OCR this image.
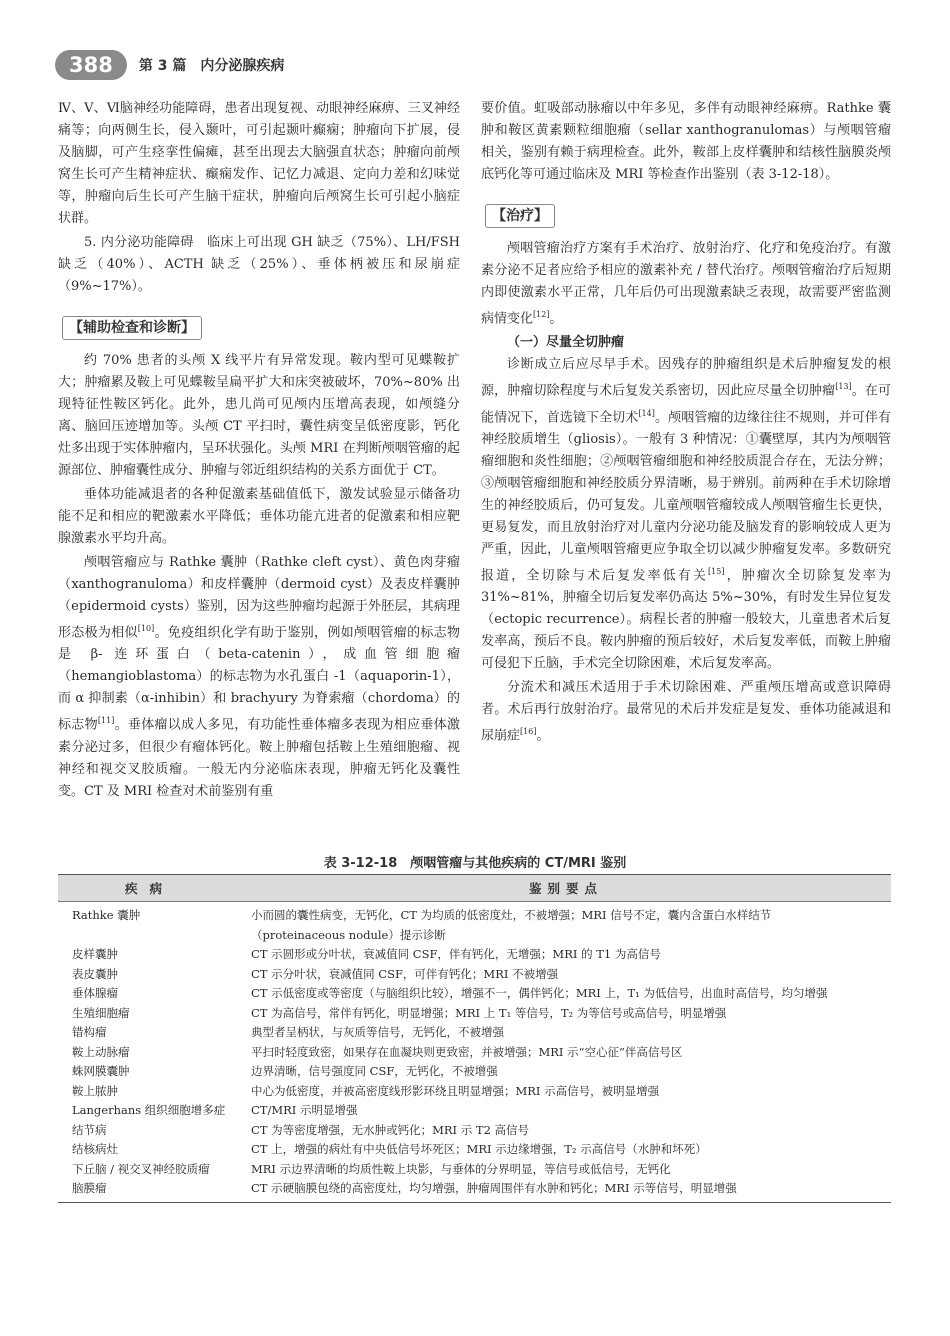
388	第 3 篇　内分泌腺疾病

Ⅳ、Ⅴ、Ⅵ脑神经功能障碍，患者出现复视、动眼神经麻痹、三叉神经痛等；向两侧生长，侵入颞叶，可引起颞叶癫痫；肿瘤向下扩展，侵及脑脚，可产生痉挛性偏瘫，甚至出现去大脑强直状态；肿瘤向前颅窝生长可产生精神症状、癫痫发作、记忆力减退、定向力差和幻味觉等，肿瘤向后生长可产生脑干症状，肿瘤向后颅窝生长可引起小脑症状群。

5. 内分泌功能障碍　临床上可出现 GH 缺乏（75%）、LH/FSH 缺乏（40%）、ACTH 缺乏（25%）、垂体柄被压和尿崩症（9%~17%）。

【辅助检查和诊断】

约 70% 患者的头颅 X 线平片有异常发现。鞍内型可见蝶鞍扩大；肿瘤累及鞍上可见蝶鞍呈扁平扩大和床突被破坏，70%~80% 出现特征性鞍区钙化。此外，患儿尚可见颅内压增高表现，如颅缝分离、脑回压迹增加等。头颅 CT 平扫时，囊性病变呈低密度影，钙化灶多出现于实体肿瘤内，呈环状强化。头颅 MRI 在判断颅咽管瘤的起源部位、肿瘤囊性成分、肿瘤与邻近组织结构的关系方面优于 CT。

垂体功能减退者的各种促激素基础值低下，激发试验显示储备功能不足和相应的靶激素水平降低；垂体功能亢进者的促激素和相应靶腺激素水平均升高。

颅咽管瘤应与 Rathke 囊肿（Rathke cleft cyst）、黄色肉芽瘤（xanthogranuloma）和皮样囊肿（dermoid cyst）及表皮样囊肿（epidermoid cysts）鉴别，因为这些肿瘤均起源于外胚层，其病理形态极为相似[10]。免疫组织化学有助于鉴别，例如颅咽管瘤的标志物是 β- 连环蛋白（beta-catenin），成血管细胞瘤（hemangioblastoma）的标志物为水孔蛋白 -1（aquaporin-1），而 α 抑制素（α-inhibin）和 brachyury 为脊索瘤（chordoma）的标志物[11]。垂体瘤以成人多见，有功能性垂体瘤多表现为相应垂体激素分泌过多，但很少有瘤体钙化。鞍上肿瘤包括鞍上生殖细胞瘤、视神经和视交叉胶质瘤。一般无内分泌临床表现，肿瘤无钙化及囊性变。CT 及 MRI 检查对术前鉴别有重

要价值。虹吸部动脉瘤以中年多见，多伴有动眼神经麻痹。Rathke 囊肿和鞍区黄素颗粒细胞瘤（sellar xanthogranulomas）与颅咽管瘤相关，鉴别有赖于病理检查。此外，鞍部上皮样囊肿和结核性脑膜炎颅底钙化等可通过临床及 MRI 等检查作出鉴别（表 3-12-18）。

【治疗】

颅咽管瘤治疗方案有手术治疗、放射治疗、化疗和免疫治疗。有激素分泌不足者应给予相应的激素补充 / 替代治疗。颅咽管瘤治疗后短期内即使激素水平正常，几年后仍可出现激素缺乏表现，故需要严密监测病情变化[12]。

（一）尽量全切肿瘤

诊断成立后应尽早手术。因残存的肿瘤组织是术后肿瘤复发的根源，肿瘤切除程度与术后复发关系密切，因此应尽量全切肿瘤[13]。在可能情况下，首选镜下全切术[14]。颅咽管瘤的边缘往往不规则，并可伴有神经胶质增生（gliosis）。一般有 3 种情况：①囊壁厚，其内为颅咽管瘤细胞和炎性细胞；②颅咽管瘤细胞和神经胶质混合存在，无法分辨；③颅咽管瘤细胞和神经胶质分界清晰，易于辨别。前两种在手术切除增生的神经胶质后，仍可复发。儿童颅咽管瘤较成人颅咽管瘤生长更快，更易复发，而且放射治疗对儿童内分泌功能及脑发育的影响较成人更为严重，因此，儿童颅咽管瘤更应争取全切以减少肿瘤复发率。多数研究报道，全切除与术后复发率低有关[15]，肿瘤次全切除复发率为 31%~81%，肿瘤全切后复发率仍高达 5%~30%，有时发生异位复发（ectopic recurrence）。病程长者的肿瘤一般较大，儿童患者术后复发率高，预后不良。鞍内肿瘤的预后较好，术后复发率低，而鞍上肿瘤可侵犯下丘脑，手术完全切除困难，术后复发率高。

分流术和减压术适用于手术切除困难、严重颅压增高或意识障碍者。术后再行放射治疗。最常见的术后并发症是复发、垂体功能减退和尿崩症[16]。

表 3-12-18　颅咽管瘤与其他疾病的 CT/MRI 鉴别
疾病	鉴别要点
Rathke 囊肿	小而圆的囊性病变，无钙化，CT 为均质的低密度灶，不被增强；MRI 信号不定，囊内含蛋白水样结节
（proteinaceous nodule）提示诊断
皮样囊肿	CT 示圆形或分叶状，衰减值同 CSF，伴有钙化，无增强；MRI 的 T1 为高信号
表皮囊肿	CT 示分叶状，衰减值同 CSF，可伴有钙化；MRI 不被增强
垂体腺瘤	CT 示低密度或等密度（与脑组织比较），增强不一，偶伴钙化；MRI 上，T₁ 为低信号，出血时高信号，均匀增强
生殖细胞瘤	CT 为高信号，常伴有钙化，明显增强；MRI 上 T₁ 等信号，T₂ 为等信号或高信号，明显增强
错构瘤	典型者呈柄状，与灰质等信号，无钙化，不被增强
鞍上动脉瘤	平扫时轻度致密，如果存在血凝块则更致密，并被增强；MRI 示“空心征”伴高信号区
蛛网膜囊肿	边界清晰，信号强度同 CSF，无钙化，不被增强
鞍上脓肿	中心为低密度，并被高密度线形影环绕且明显增强；MRI 示高信号，被明显增强
Langerhans 组织细胞增多症	CT/MRI 示明显增强
结节病	CT 为等密度增强，无水肿或钙化；MRI 示 T2 高信号
结核病灶	CT 上，增强的病灶有中央低信号坏死区；MRI 示边缘增强，T₂ 示高信号（水肿和坏死）
下丘脑 / 视交叉神经胶质瘤	MRI 示边界清晰的均质性鞍上块影，与垂体的分界明显，等信号或低信号，无钙化
脑膜瘤	CT 示硬脑膜包绕的高密度灶，均匀增强，肿瘤周围伴有水肿和钙化；MRI 示等信号，明显增强
